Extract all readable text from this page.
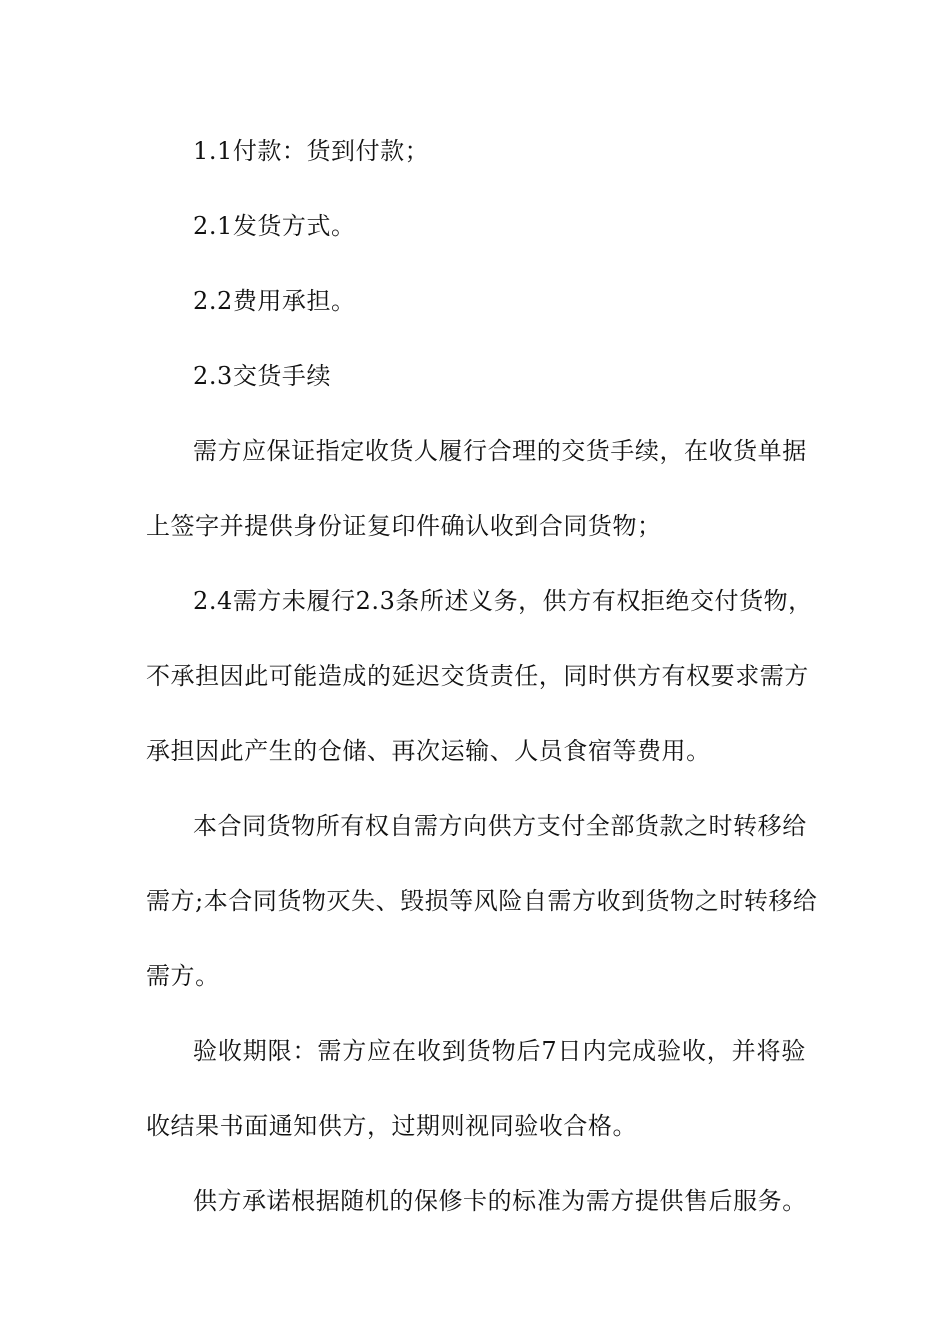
1.1付款：货到付款；
2.1发货方式。
2.2费用承担。
2.3交货手续
需方应保证指定收货人履行合理的交货手续，在收货单据
上签字并提供身份证复印件确认收到合同货物；
2.4需方未履行2.3条所述义务，供方有权拒绝交付货物，
不承担因此可能造成的延迟交货责任，同时供方有权要求需方
承担因此产生的仓储、再次运输、人员食宿等费用。
本合同货物所有权自需方向供方支付全部货款之时转移给
需方;本合同货物灭失、毁损等风险自需方收到货物之时转移给
需方。
验收期限：需方应在收到货物后7日内完成验收，并将验
收结果书面通知供方，过期则视同验收合格。
供方承诺根据随机的保修卡的标准为需方提供售后服务。
